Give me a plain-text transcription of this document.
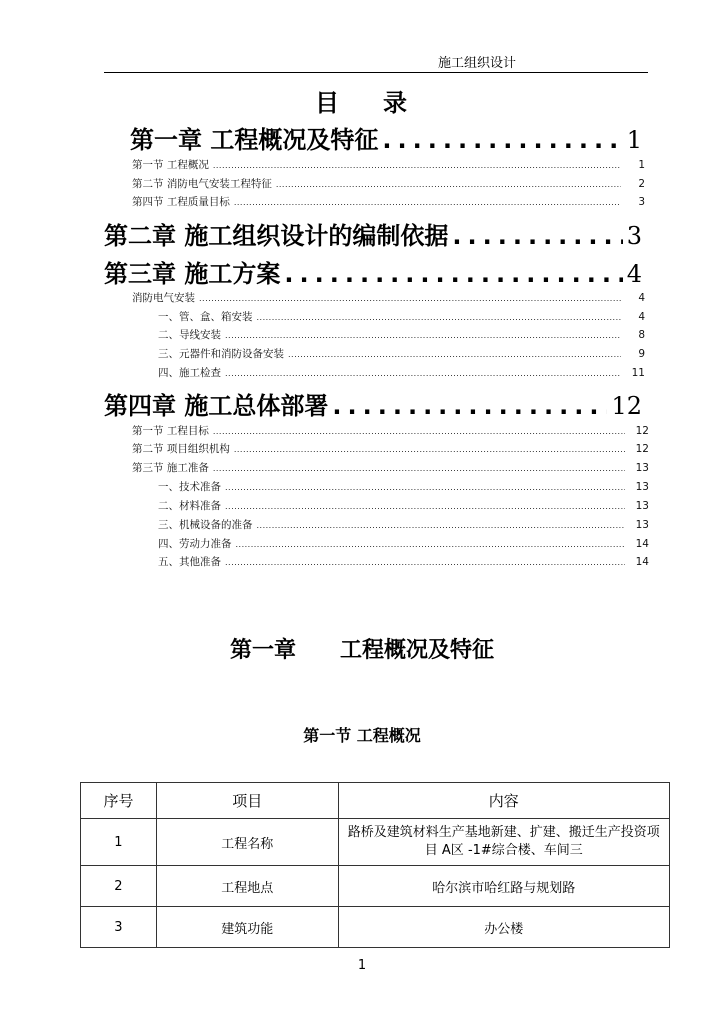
施工组织设计
目 录
第一章 工程概况及特征 .....	1
第一节 工程概况 .....	1
第二节 消防电气安装工程特征 .....	2
第四节 工程质量目标 .....	3
第二章 施工组织设计的编制依据 .....	3
第三章 施工方案 .....	4
消防电气安装 .....	4
一、管、盒、箱安装 .....	4
二、导线安装 .....	8
三、元器件和消防设备安装 .....	9
四、施工检查 .....	11
第四章 施工总体部署 .....	12
第一节 工程目标 .....	12
第二节 项目组织机构 .....	12
第三节 施工准备 .....	13
一、技术准备 .....	13
二、材料准备 .....	13
三、机械设备的准备 .....	13
四、劳动力准备 .....	14
五、其他准备 .....	14
第一章 工程概况及特征
第一节 工程概况
序号	项目	内容
1	工程名称	路桥及建筑材料生产基地新建、扩建、搬迁生产投资项目 A区 -1#综合楼、车间三
2	工程地点	哈尔滨市哈红路与规划路
3	建筑功能	办公楼
1
